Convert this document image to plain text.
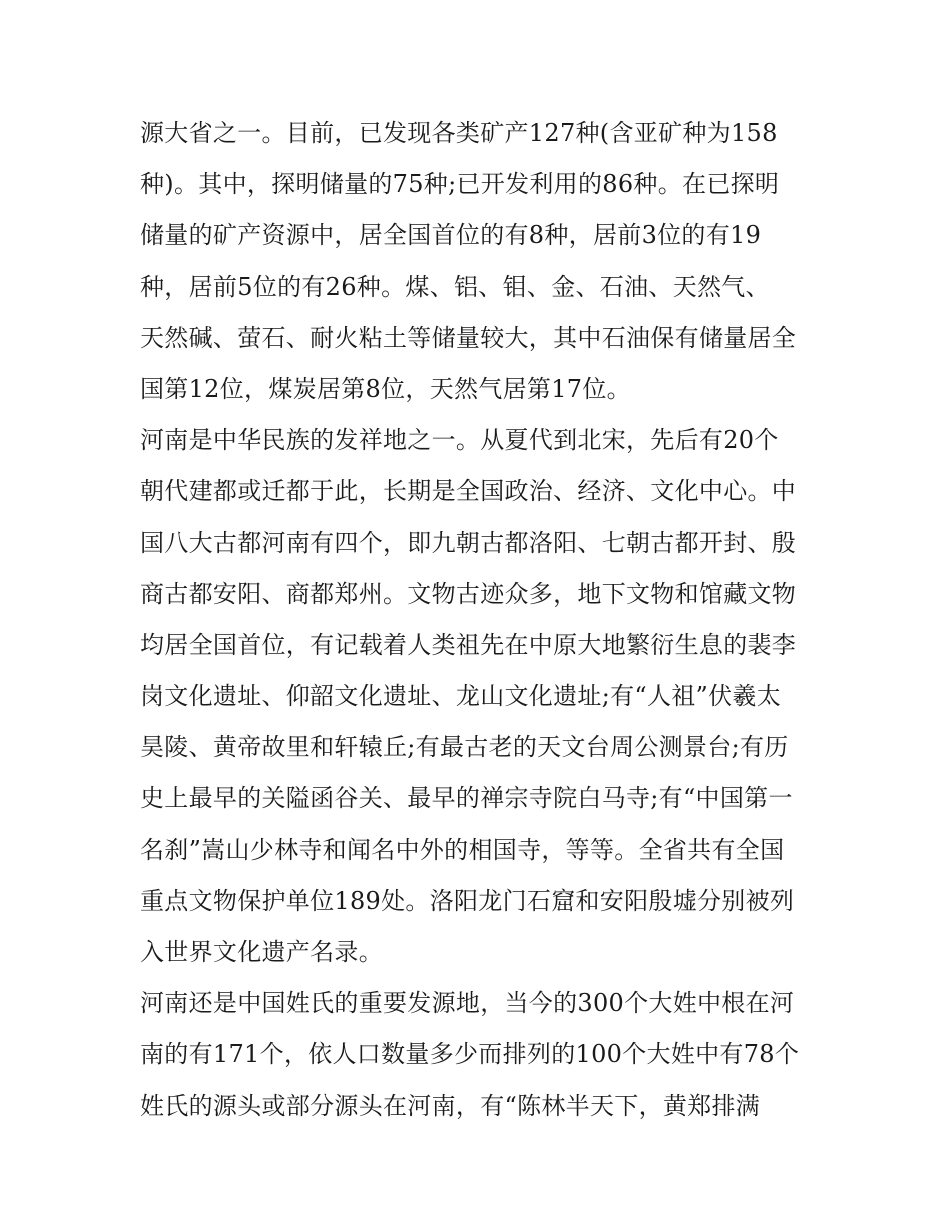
源大省之一。目前，已发现各类矿产127种(含亚矿种为158
种)。其中，探明储量的75种;已开发利用的86种。在已探明
储量的矿产资源中，居全国首位的有8种，居前3位的有19
种，居前5位的有26种。煤、铝、钼、金、石油、天然气、
天然碱、萤石、耐火粘土等储量较大，其中石油保有储量居全
国第12位，煤炭居第8位，天然气居第17位。
河南是中华民族的发祥地之一。从夏代到北宋，先后有20个
朝代建都或迁都于此，长期是全国政治、经济、文化中心。中
国八大古都河南有四个，即九朝古都洛阳、七朝古都开封、殷
商古都安阳、商都郑州。文物古迹众多，地下文物和馆藏文物
均居全国首位，有记载着人类祖先在中原大地繁衍生息的裴李
岗文化遗址、仰韶文化遗址、龙山文化遗址;有“人祖”伏羲太
昊陵、黄帝故里和轩辕丘;有最古老的天文台周公测景台;有历
史上最早的关隘函谷关、最早的禅宗寺院白马寺;有“中国第一
名刹”嵩山少林寺和闻名中外的相国寺，等等。全省共有全国
重点文物保护单位189处。洛阳龙门石窟和安阳殷墟分别被列
入世界文化遗产名录。
河南还是中国姓氏的重要发源地，当今的300个大姓中根在河
南的有171个，依人口数量多少而排列的100个大姓中有78个
姓氏的源头或部分源头在河南，有“陈林半天下，黄郑排满
